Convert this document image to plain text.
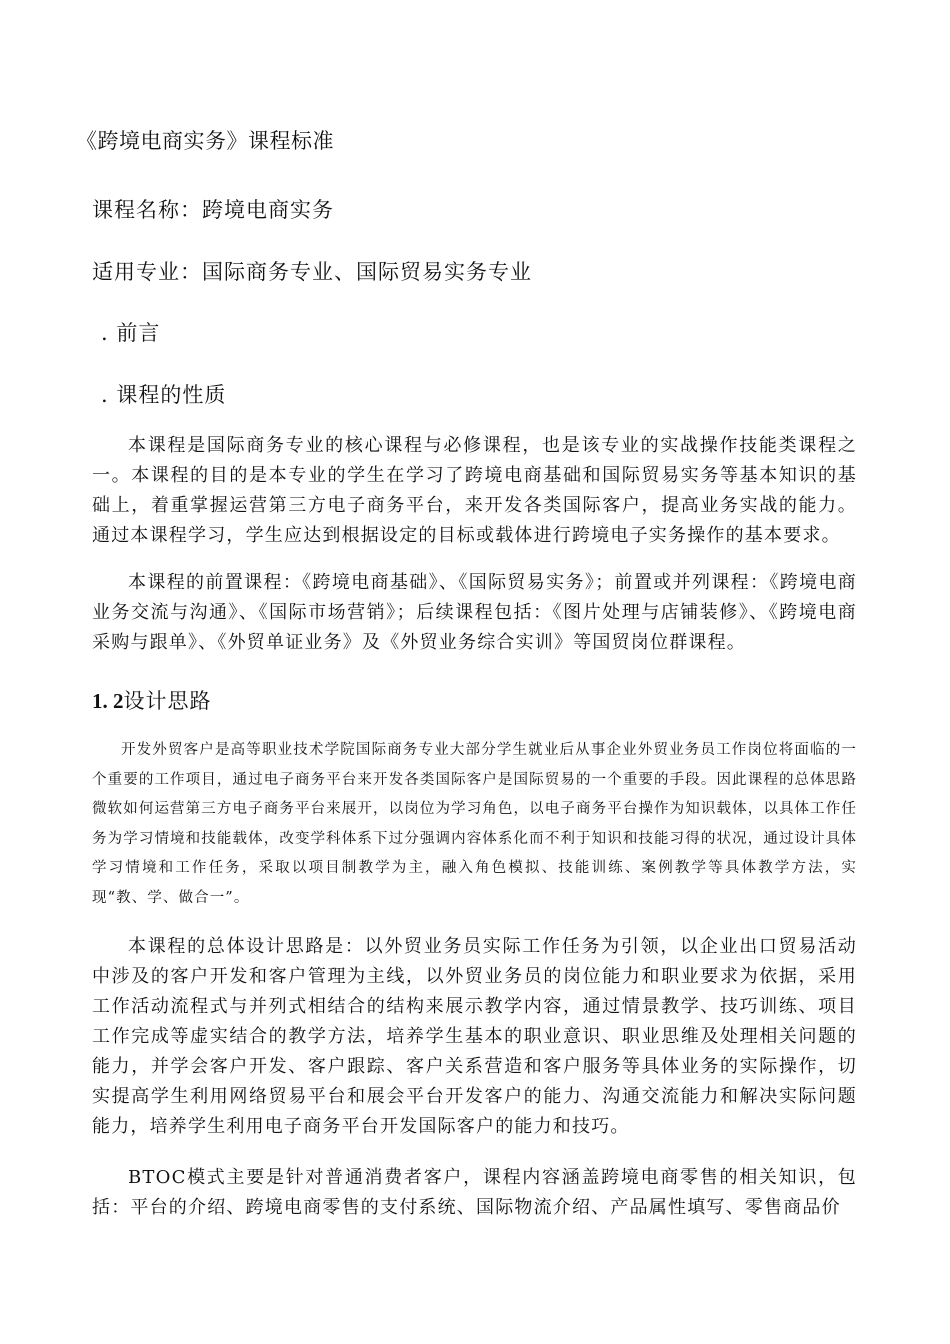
《跨境电商实务》课程标准
课程名称：跨境电商实务
适用专业：国际商务专业、国际贸易实务专业
. 前言
. 课程的性质

本课程是国际商务专业的核心课程与必修课程，也是该专业的实战操作技能类课程之一。本课程的目的是本专业的学生在学习了跨境电商基础和国际贸易实务等基本知识的基础上，着重掌握运营第三方电子商务平台，来开发各类国际客户，提高业务实战的能力。通过本课程学习，学生应达到根据设定的目标或载体进行跨境电子实务操作的基本要求。

本课程的前置课程：《跨境电商基础》、《国际贸易实务》；前置或并列课程：《跨境电商业务交流与沟通》、《国际市场营销》；后续课程包括：《图片处理与店铺装修》、《跨境电商采购与跟单》、《外贸单证业务》及《外贸业务综合实训》等国贸岗位群课程。

1. 2设计思路

开发外贸客户是高等职业技术学院国际商务专业大部分学生就业后从事企业外贸业务员工作岗位将面临的一个重要的工作项目，通过电子商务平台来开发各类国际客户是国际贸易的一个重要的手段。因此课程的总体思路微软如何运营第三方电子商务平台来展开，以岗位为学习角色，以电子商务平台操作为知识载体，以具体工作任务为学习情境和技能载体，改变学科体系下过分强调内容体系化而不利于知识和技能习得的状况，通过设计具体学习情境和工作任务，采取以项目制教学为主，融入角色模拟、技能训练、案例教学等具体教学方法，实现“教、学、做合一”。

本课程的总体设计思路是：以外贸业务员实际工作任务为引领，以企业出口贸易活动中涉及的客户开发和客户管理为主线，以外贸业务员的岗位能力和职业要求为依据，采用工作活动流程式与并列式相结合的结构来展示教学内容，通过情景教学、技巧训练、项目工作完成等虚实结合的教学方法，培养学生基本的职业意识、职业思维及处理相关问题的能力，并学会客户开发、客户跟踪、客户关系营造和客户服务等具体业务的实际操作，切实提高学生利用网络贸易平台和展会平台开发客户的能力、沟通交流能力和解决实际问题能力，培养学生利用电子商务平台开发国际客户的能力和技巧。

BTOC模式主要是针对普通消费者客户，课程内容涵盖跨境电商零售的相关知识，包括：平台的介绍、跨境电商零售的支付系统、国际物流介绍、产品属性填写、零售商品价
